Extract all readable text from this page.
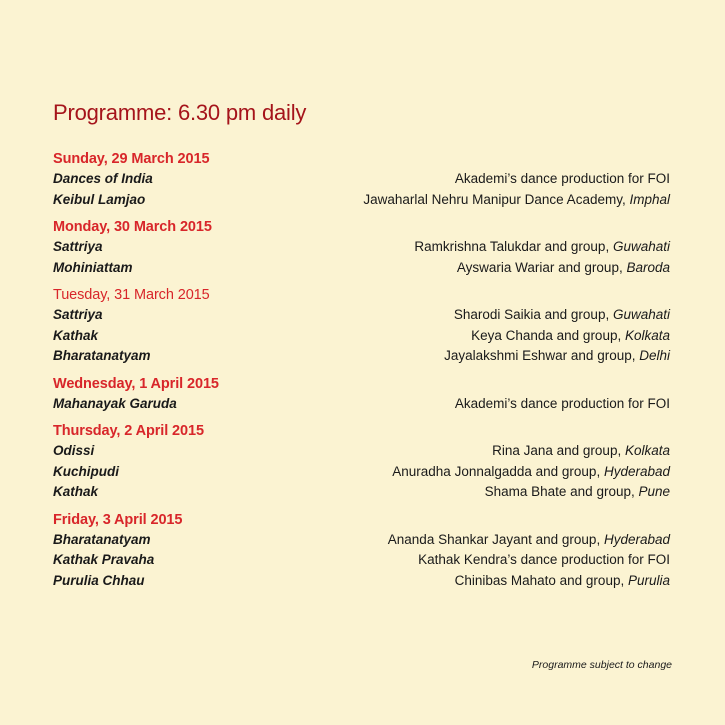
Programme: 6.30 pm daily
Sunday, 29 March 2015
Dances of India	Akademi’s dance production for FOI
Keibul Lamjao	Jawaharlal Nehru Manipur Dance Academy, Imphal
Monday, 30 March 2015
Sattriya	Ramkrishna Talukdar and group, Guwahati
Mohiniattam	Ayswaria Wariar and group, Baroda
Tuesday, 31 March 2015
Sattriya	Sharodi Saikia and group, Guwahati
Kathak	Keya Chanda and group, Kolkata
Bharatanatyam	Jayalakshmi Eshwar and group, Delhi
Wednesday, 1 April 2015
Mahanayak Garuda	Akademi’s dance production for FOI
Thursday, 2 April 2015
Odissi	Rina Jana and group, Kolkata
Kuchipudi	Anuradha Jonnalgadda and group, Hyderabad
Kathak	Shama Bhate and group, Pune
Friday, 3 April 2015
Bharatanatyam	Ananda Shankar Jayant and group, Hyderabad
Kathak Pravaha	Kathak Kendra’s dance production for FOI
Purulia Chhau	Chinibas Mahato and group, Purulia
Programme subject to change
